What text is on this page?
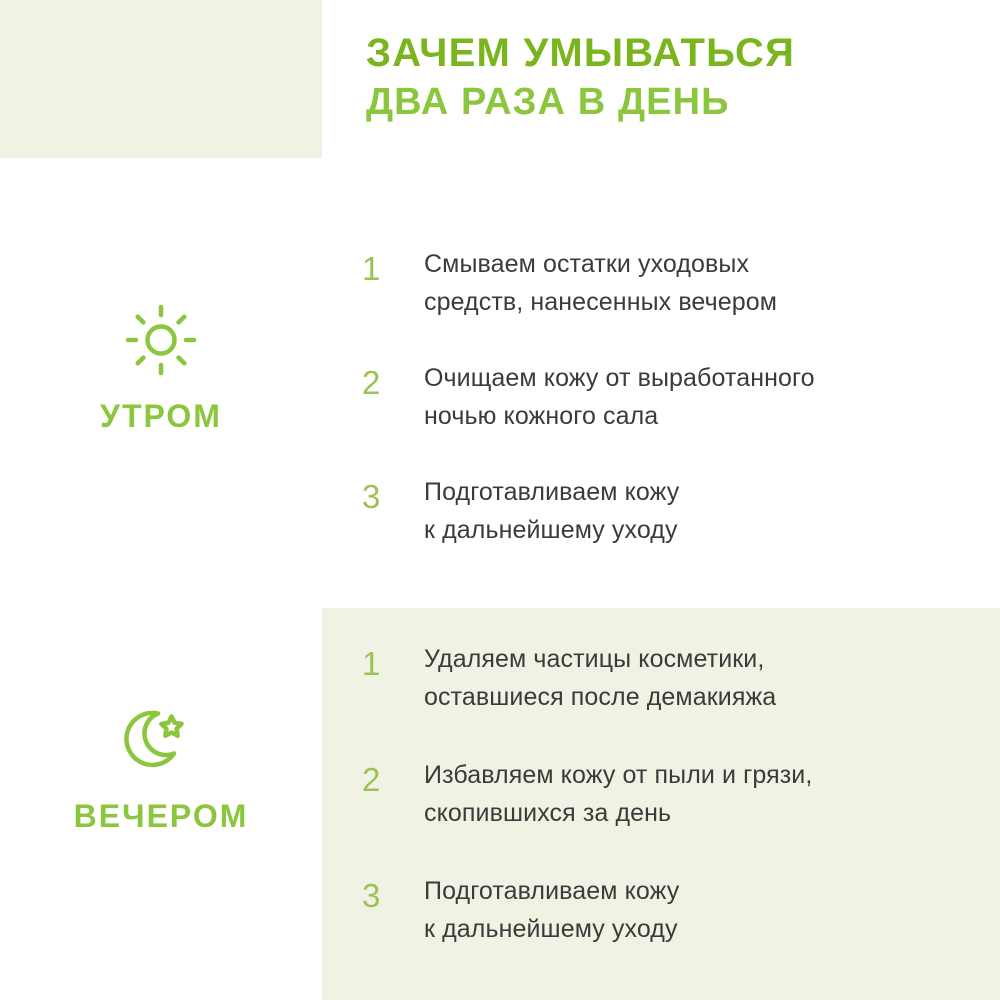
ЗАЧЕМ УМЫВАТЬСЯ
ДВА РАЗА В ДЕНЬ
УТРОМ
ВЕЧЕРОМ
1	Смываем остатки уходовых
средств, нанесенных вечером
2	Очищаем кожу от выработанного
ночью кожного сала
3	Подготавливаем кожу
к дальнейшему уходу
1	Удаляем частицы косметики,
оставшиеся после демакияжа
2	Избавляем кожу от пыли и грязи,
скопившихся за день
3	Подготавливаем кожу
к дальнейшему уходу
